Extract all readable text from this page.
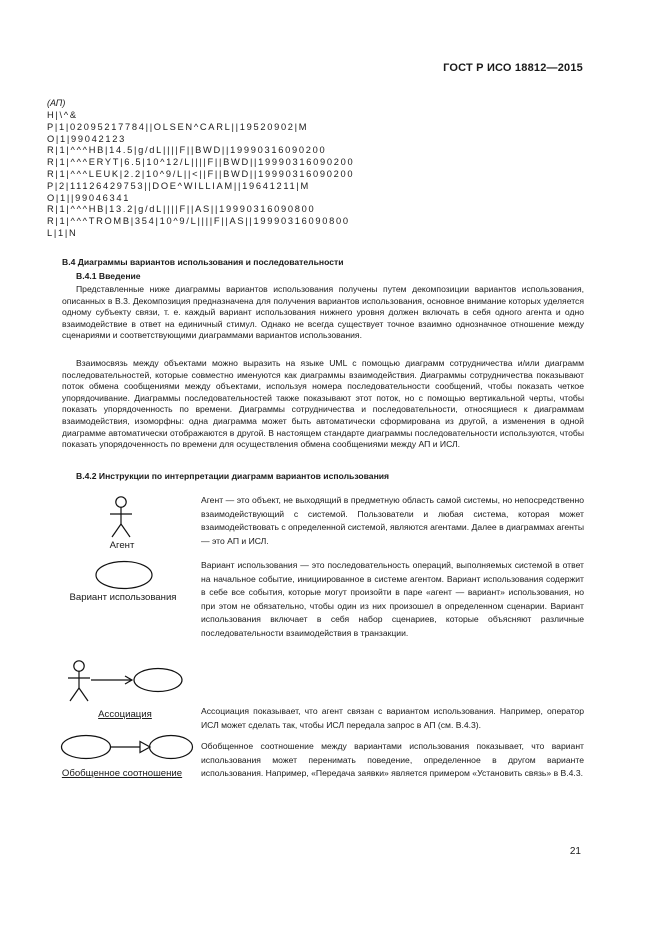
ГОСТ Р ИСО 18812—2015
(АП)
H|\^&
P|1|02095217784||OLSEN^CARL||19520902|M
O|1|99042123
R|1|^^^HB|14.5|g/dL||||F||BWD||19990316090200
R|1|^^^ERYT|6.5|10^12/L||||F||BWD||19990316090200
R|1|^^^LEUK|2.2|10^9/L||<||F||BWD||19990316090200
P|2|11126429753||DOE^WILLIAM||19641211|M
O|1||99046341
R|1|^^^HB|13.2|g/dL||||F||AS||19990316090800
R|1|^^^TROMB|354|10^9/L||||F||AS||19990316090800
L|1|N
В.4 Диаграммы вариантов использования и последовательности
В.4.1 Введение

Представленные ниже диаграммы вариантов использования получены путем декомпозиции вариантов использования, описанных в В.3. Декомпозиция предназначена для получения вариантов использования, основное внимание которых уделяется одному субъекту связи, т. е. каждый вариант использования нижнего уровня должен включать в себя одного агента и одно взаимодействие в ответ на единичный стимул. Однако не всегда существует точное взаимно однозначное отношение между сценариями и соответствующими диаграммами вариантов использования.

Взаимосвязь между объектами можно выразить на языке UML с помощью диаграмм сотрудничества и/или диаграмм последовательностей, которые совместно именуются как диаграммы взаимодействия. Диаграммы сотрудничества показывают поток обмена сообщениями между объектами, используя номера последовательности сообщений, чтобы показать четкое упорядочивание. Диаграммы последовательностей также показывают этот поток, но с помощью вертикальной черты, чтобы показать упорядоченность по времени. Диаграммы сотрудничества и последовательности, относящиеся к диаграммам взаимодействия, изоморфны: одна диаграмма может быть автоматически сформирована из другой, а изменения в одной диаграмме автоматически отображаются в другой. В настоящем стандарте диаграммы последовательности используются, чтобы показать упорядоченность по времени для осуществления обмена сообщениями между АП и ИСЛ.

В.4.2 Инструкции по интерпретации диаграмм вариантов использования
Агент
Вариант использования
Ассоциация
Обобщенное соотношение

Агент — это объект, не выходящий в предметную область самой системы, но непосредственно взаимодействующий с системой. Пользователи и любая система, которая может взаимодействовать с определенной системой, являются агентами. Далее в диаграммах агенты — это АП и ИСЛ.

Вариант использования — это последовательность операций, выполняемых системой в ответ на начальное событие, инициированное в системе агентом. Вариант использования содержит в себе все события, которые могут произойти в паре «агент — вариант» использования, но при этом не обязательно, чтобы один из них произошел в определенном сценарии. Вариант использования включает в себя набор сценариев, которые объясняют различные последовательности взаимодействия в транзакции.

Ассоциация показывает, что агент связан с вариантом использования. Например, оператор ИСЛ может сделать так, чтобы ИСЛ передала запрос в АП (см. В.4.3).

Обобщенное соотношение между вариантами использования показывает, что вариант использования может перенимать поведение, определенное в другом варианте использования. Например, «Передача заявки» является примером «Установить связь» в В.4.3.

21
